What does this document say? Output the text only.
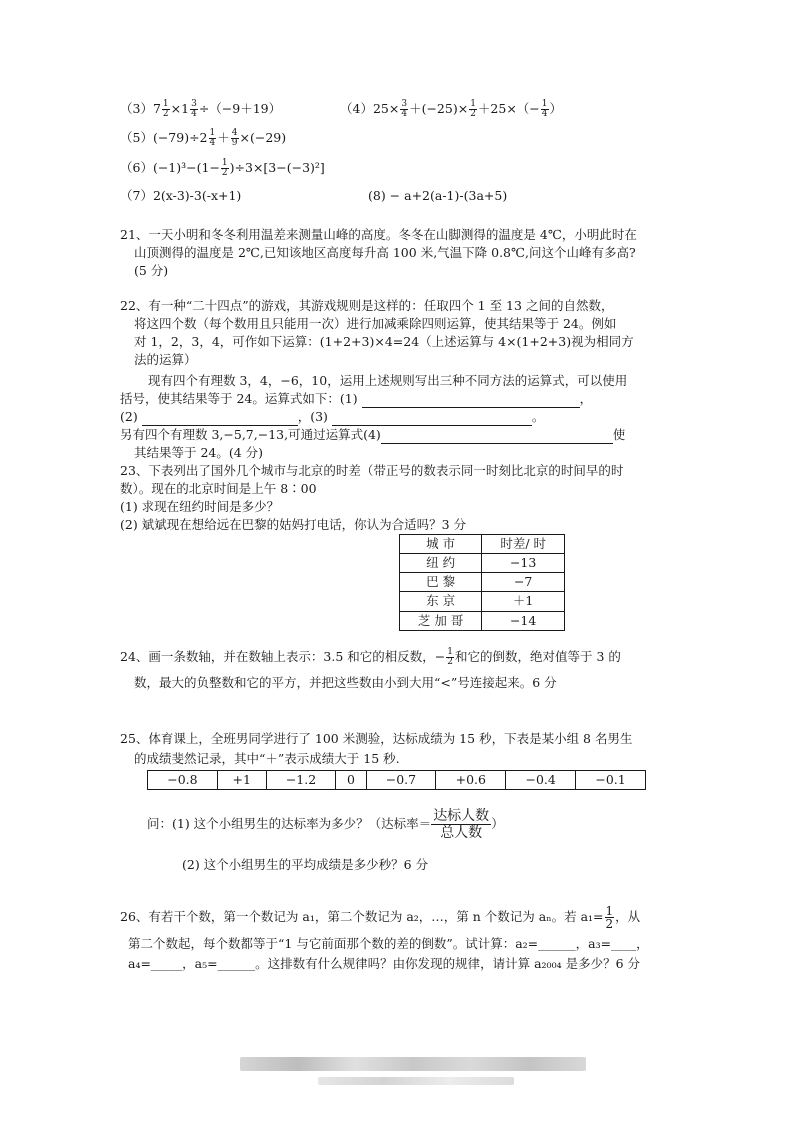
$(3)7 \frac{1}{2} \times 1 \frac{3}{4} \div(-9+19)$	$(4)25\times \frac{3}{4} +(-25)\times \frac{1}{2} +25\times(- \frac{1}{4}$ ）
$(5)(-79)\div 2 \frac{1}{4} + \frac{4}{9} \times(-29)$
$(6)(-1)^3-(1- \frac{1}{2} )\div 3\times[3-(-3)^2]$
（7）2(x-3)-3(-x+1)	(8) − a+2(a-1)-(3a+5)
21、一天小明和冬冬利用温差来测量山峰的高度。冬冬在山脚测得的温度是 4℃，小明此时在
山顶测得的温度是 2℃,已知该地区高度每升高 100 米,气温下降 0.8℃,问这个山峰有多高?
(5 分)
22、有一种“二十四点”的游戏，其游戏规则是这样的：任取四个 1 至 13 之间的自然数，
将这四个数（每个数用且只能用一次）进行加减乘除四则运算，使其结果等于 24。例如
对 1，2，3，4，可作如下运算：(1+2+3)×4=24（上述运算与 4×(1+2+3)视为相同方
法的运算）
现有四个有理数 3，4，−6，10，运用上述规则写出三种不同方法的运算式，可以使用
括号，使其结果等于 24。运算式如下：(1)	，
(2)	，(3)	。
另有四个有理数 3,−5,7,−13,可通过运算式(4)	使
其结果等于 24。(4 分)
23、下表列出了国外几个城市与北京的时差（带正号的数表示同一时刻比北京的时间早的时
数）。现在的北京时间是上午 8∶00
(1) 求现在纽约时间是多少？
(2) 斌斌现在想给远在巴黎的姑妈打电话，你认为合适吗？3 分
城 市	时差/ 时
纽 约	−13
巴 黎	−7
东 京	＋1
芝 加 哥	−14
24、画一条数轴，并在数轴上表示：3.5 和它的相反数，− $\frac{1}{2}$ 和它的倒数，绝对值等于 3 的
数，最大的负整数和它的平方，并把这些数由小到大用“<”号连接起来。6 分
25、体育课上，全班男同学进行了 100 米测验，达标成绩为 15 秒，下表是某小组 8 名男生
的成绩斐然记录，其中“＋”表示成绩大于 15 秒.
−0.8	+1	−1.2	0	−0.7	+0.6	−0.4	−0.1
问：(1) 这个小组男生的达标率为多少？（达标率＝ $\frac{\text{达标人数}}{\text{总人数}}$ ）
(2) 这个小组男生的平均成绩是多少秒？6 分
26、有若干个数，第一个数记为 a₁，第二个数记为 a₂，…，第 n 个数记为 aₙ。若 $a_1= \frac{1}{2}$ ，从
第二个数起，每个数都等于“1 与它前面那个数的差的倒数”。试计算：a₂=______，a₃=____，
a₄=_____，a₅=______。这排数有什么规律吗？由你发现的规律，请计算 a₂₀₀₄ 是多少？6 分
